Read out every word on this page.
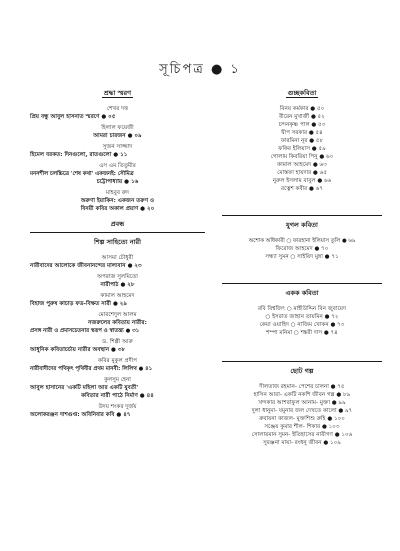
সূচিপত্র ● ১
শ্রদ্ধা স্মরণ
শেখর দত্ত
প্রিয় বন্ধু আবুল হাসনাত স্মরণে ● ০৫
হিলাল ফয়েজী
আমরা চারজন ● ০৯
সুজন সাজ্জাদ
হিমেল বরকত: দিনগুলো, রাতগুলো ● ১১
এস এম তিতুমীর
মননশীল চলচ্চিত্রে 'শেষ কথা' একজনই: সৌমিত্র
চট্টোপাধ্যায় ● ১৬
মাহবুব রুদ
অরুণা ইয়াকিন: একজন তরুণ ও
বিনয়ী কবির অকাল প্রয়াণ ● ২০
প্রবন্ধ
শিল্প সাহিত্যে নারী
আসমা চৌধুরী
নারীবাদের আলোকে জীবনানন্দের মাল্যবান ● ২৩
অপরাজ সুলমিতো
নারীপাঠ ● ২৮
কামাল আহমেদ
বিহাজ পুরুষ কাচাড় ফড-বিক্ষত নারী ● ২৯
মোরশেদুল আলম
নজরুলের কবিতায় নারীর:
প্রসঙ্গ নারী ও প্রমাসচেতনার স্বরূপ ও স্বাতন্ত্র্য ● ৩১
ড. শিল্পী আরু
আধুনিক কবিতাচর্চায় নারীর অবস্থান ● ৩৮
কবির মুকুল প্রদীপ
নারীবাদীদের পথিকৃৎ পৃথিবীর প্রথম মানবী: লিলিথ ● ৪১
কুলসুম হেনা
আবুল হাসানের 'একটি মহিলা আর একটি যুবতী'
কবিতার নারী পাঠে নির্মাণ ● ৪৪
উদয় শংকর দুর্জয়
অলোকরঞ্জন দাশগুপ্ত: অবিনিবার কবি ● ৪৭
গুচ্ছকবিতা
বিনয় কর্মকার ● ৫০
বীরেন মুখার্জী ● ৫২
চন্দনকৃষ্ণ পাল ● ৫৩
দ্বীপ সরকার ● ৫৪
ফারমিনা নূর ● ৫৮
ফকির ইলিয়াস ● ৫৯
গোলাম কিবরিয়া পিনু ● ৬০
কামাল আহমেদ ● ৬৩
মোস্তফা হায়দার ● ৬৫
নুরুল ইসলাম বাবুল ● ৬৬
রত্নেশ কবীর ● ৬৭
যুগল কবিতা
অশোক অধিকারী ○ ফারহানা ইলিয়াস তুলি ● ৬৯
ফিরোজ আহমেদ ● ৭০
সন্ধ্যা সুমন ○ সাইয়িদ মুন্না ● ৭১
একক কবিতা
রবি বিশ্বজিৎ ○ মাহীউদ্দিন বিন জুবায়েদ
○ ইসরাত জাহান তায়মিন ● ৭২
কেয়া ওয়াহিদ ○ নাজিম খোকন ● ৭৩
শম্পা মনিমা ○ শঙ্করী দাস ● ৭৪
ছোট গল্প
দীলতাজ রহমান- পেশের চালনা ● ৭৫
হাসিন আরা- একটি নকশি জীবন গল্প ● ৮৯
খন্দকার আশরাফুল আনাম- মুক্তা ● ৯৯
দুলা ধানুমা- যমুনার জল দেখতে কালো ● ৯৭
রুবায়না কাজল- মুক্তশিশু রুহি ● ১০০
সঞ্জেয় কুমার শীল- শিকার ● ১০৩
সোলায়মান সুমন- ইতিহাসের নারীগণ ● ১০৬
সুরঞ্জনা মায়া- রংধনু জীবন ● ১০৯
